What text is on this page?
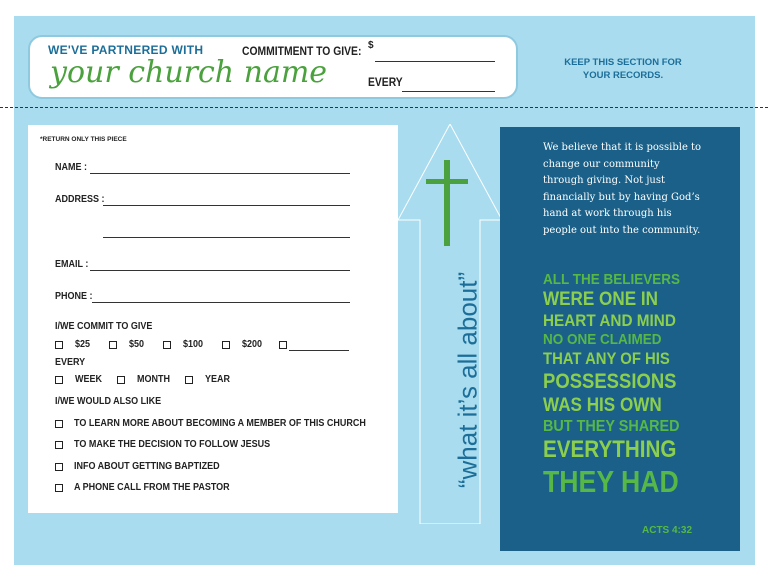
WE'VE PARTNERED WITH
your church name
COMMITMENT TO GIVE:
$
EVERY
KEEP THIS SECTION FOR
YOUR RECORDS.
*RETURN ONLY THIS PIECE
NAME :
ADDRESS :
EMAIL :
PHONE :
I/WE COMMIT TO GIVE
$25	$50	$100	$200
EVERY
WEEK	MONTH	YEAR
I/WE WOULD ALSO LIKE
TO LEARN MORE ABOUT BECOMING A MEMBER OF THIS CHURCH
TO MAKE THE DECISION TO FOLLOW JESUS
INFO ABOUT GETTING BAPTIZED
A PHONE CALL FROM THE PASTOR	“what it’s all about”
We believe that it is possible to change our community through giving. Not just financially but by having God’s hand at work through his people out into the community.
ALL THE BELIEVERS
WERE ONE IN
HEART AND MIND
NO ONE CLAIMED
THAT ANY OF HIS
POSSESSIONS
WAS HIS OWN
BUT THEY SHARED
EVERYTHING
THEY HAD
ACTS 4:32
